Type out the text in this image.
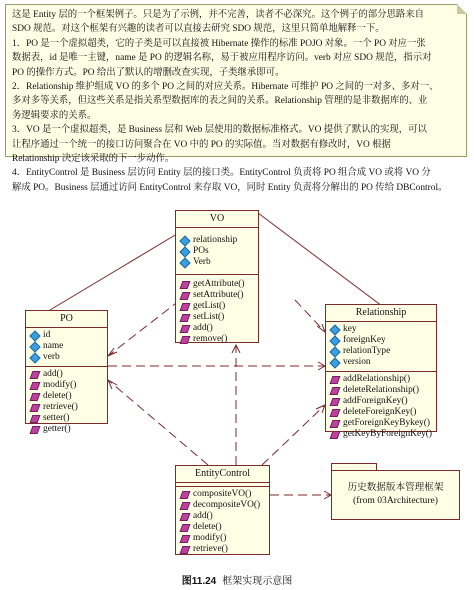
这是 Entity 层的一个框架例子。只是为了示例，并不完善，读者不必深究。这个例子的部分思路来自
SDO 规范。对这个框架有兴趣的读者可以直接去研究 SDO 规范，这里只简单地解释一下。
1．PO 是一个虚拟超类，它的子类是可以直接被 Hibernate 操作的标准 POJO 对象。一个 PO 对应一张
数据表，id 是唯一主键，name 是 PO 的逻辑名称，易于被应用程序访问。verb 对应 SDO 规范，指示对
PO 的操作方式。PO 给出了默认的增删改查实现，子类继承即可。
2．Relationship 维护组成 VO 的多个 PO 之间的对应关系。Hibernate 可维护 PO 之间的一对多、多对一、
多对多等关系，但这些关系是指关系型数据库的表之间的关系。Relationship 管理的是非数据库的、业
务逻辑要求的关系。
3．VO 是一个虚拟超类，是 Business 层和 Web 层使用的数据标准格式。VO 提供了默认的实现，可以
让程序通过一个统一的接口访问聚合在 VO 中的 PO 的实际值。当对数据有修改时，VO 根据
Relationship 决定该采取的下一步动作。
4．EntityControl 是 Business 层访问 Entity 层的接口类。EntityControl 负责将 PO 组合成 VO 或将 VO 分
解成 PO。Business 层通过访问 EntityControl 来存取 VO，同时 Entity 负责将分解出的 PO 传给 DBControl。
VO
relationship
POs
Verb
getAttribute()
setAttribute()
getList()
setList()
add()
remove()
PO
id
name
verb
add()
modify()
delete()
retrieve()
setter()
getter()
Relationship
key
foreignKey
relationType
version
addRelationship()
deleteRelationship()
addForeignKey()
deleteForeignKey()
getForeignKeyBykey()
getKeyByForeignKey()
EntityControl
compositeVO()
decompositeVO()
add()
delete()
modify()
retrieve()
历史数据版本管理框架
(from 03Architecture)
图11.24 框架实现示意图
